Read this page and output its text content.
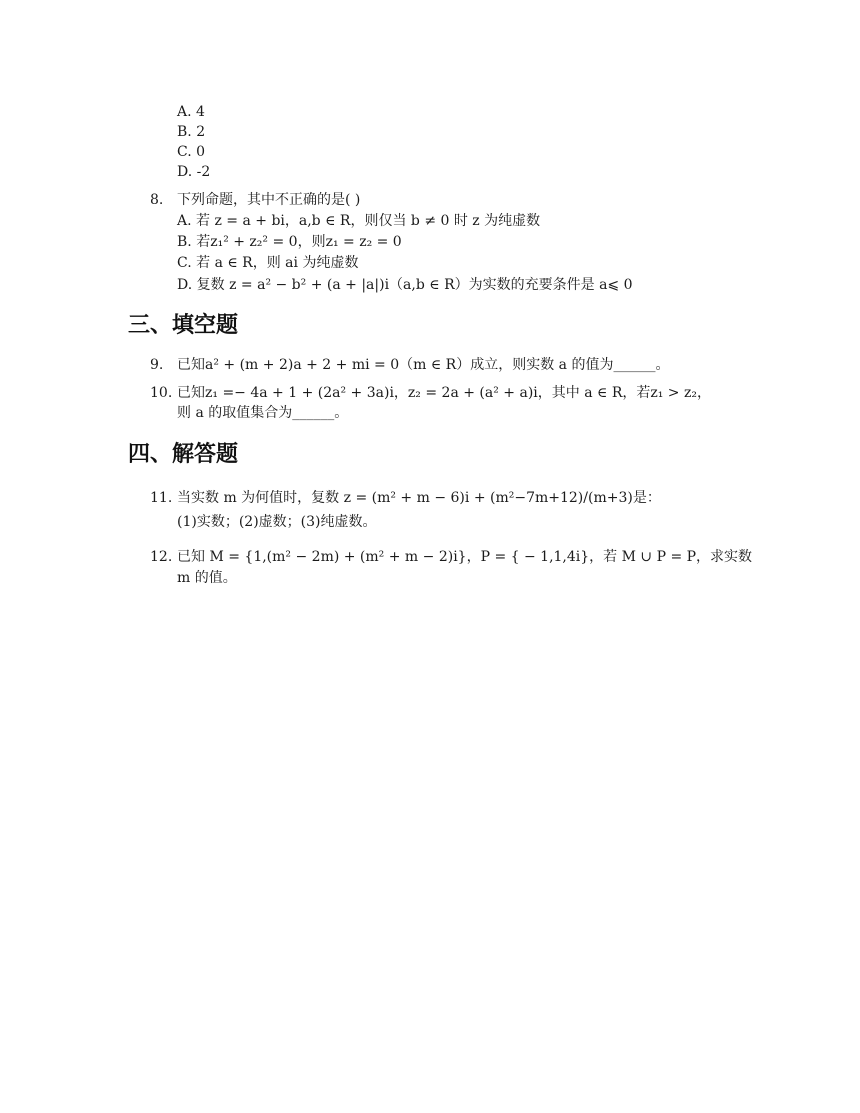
A. 4
B. 2
C. 0
D. -2
8. 下列命题，其中不正确的是( )
A. 若 z = a + bi，a,b ∈ R，则仅当 b ≠ 0 时 z 为纯虚数
B. 若z₁² + z₂² = 0，则z₁ = z₂ = 0
C. 若 a ∈ R，则 ai 为纯虚数
D. 复数 z = a² − b² + (a + |a|)i（a,b ∈ R）为实数的充要条件是 a⩽ 0
三、填空题
9. 已知a² + (m + 2)a + 2 + mi = 0（m ∈ R）成立，则实数 a 的值为______。
10. 已知z₁ =− 4a + 1 + (2a² + 3a)i，z₂ = 2a + (a² + a)i，其中 a ∈ R，若z₁ > z₂，
则 a 的取值集合为______。
四、解答题
11. 当实数 m 为何值时，复数 z = (m² + m − 6)i + (m²−7m+12)/(m+3)是：
(1)实数；(2)虚数；(3)纯虚数。
12. 已知 M = {1,(m² − 2m) + (m² + m − 2)i}，P = { − 1,1,4i}，若 M ∪ P = P，求实数
m 的值。
